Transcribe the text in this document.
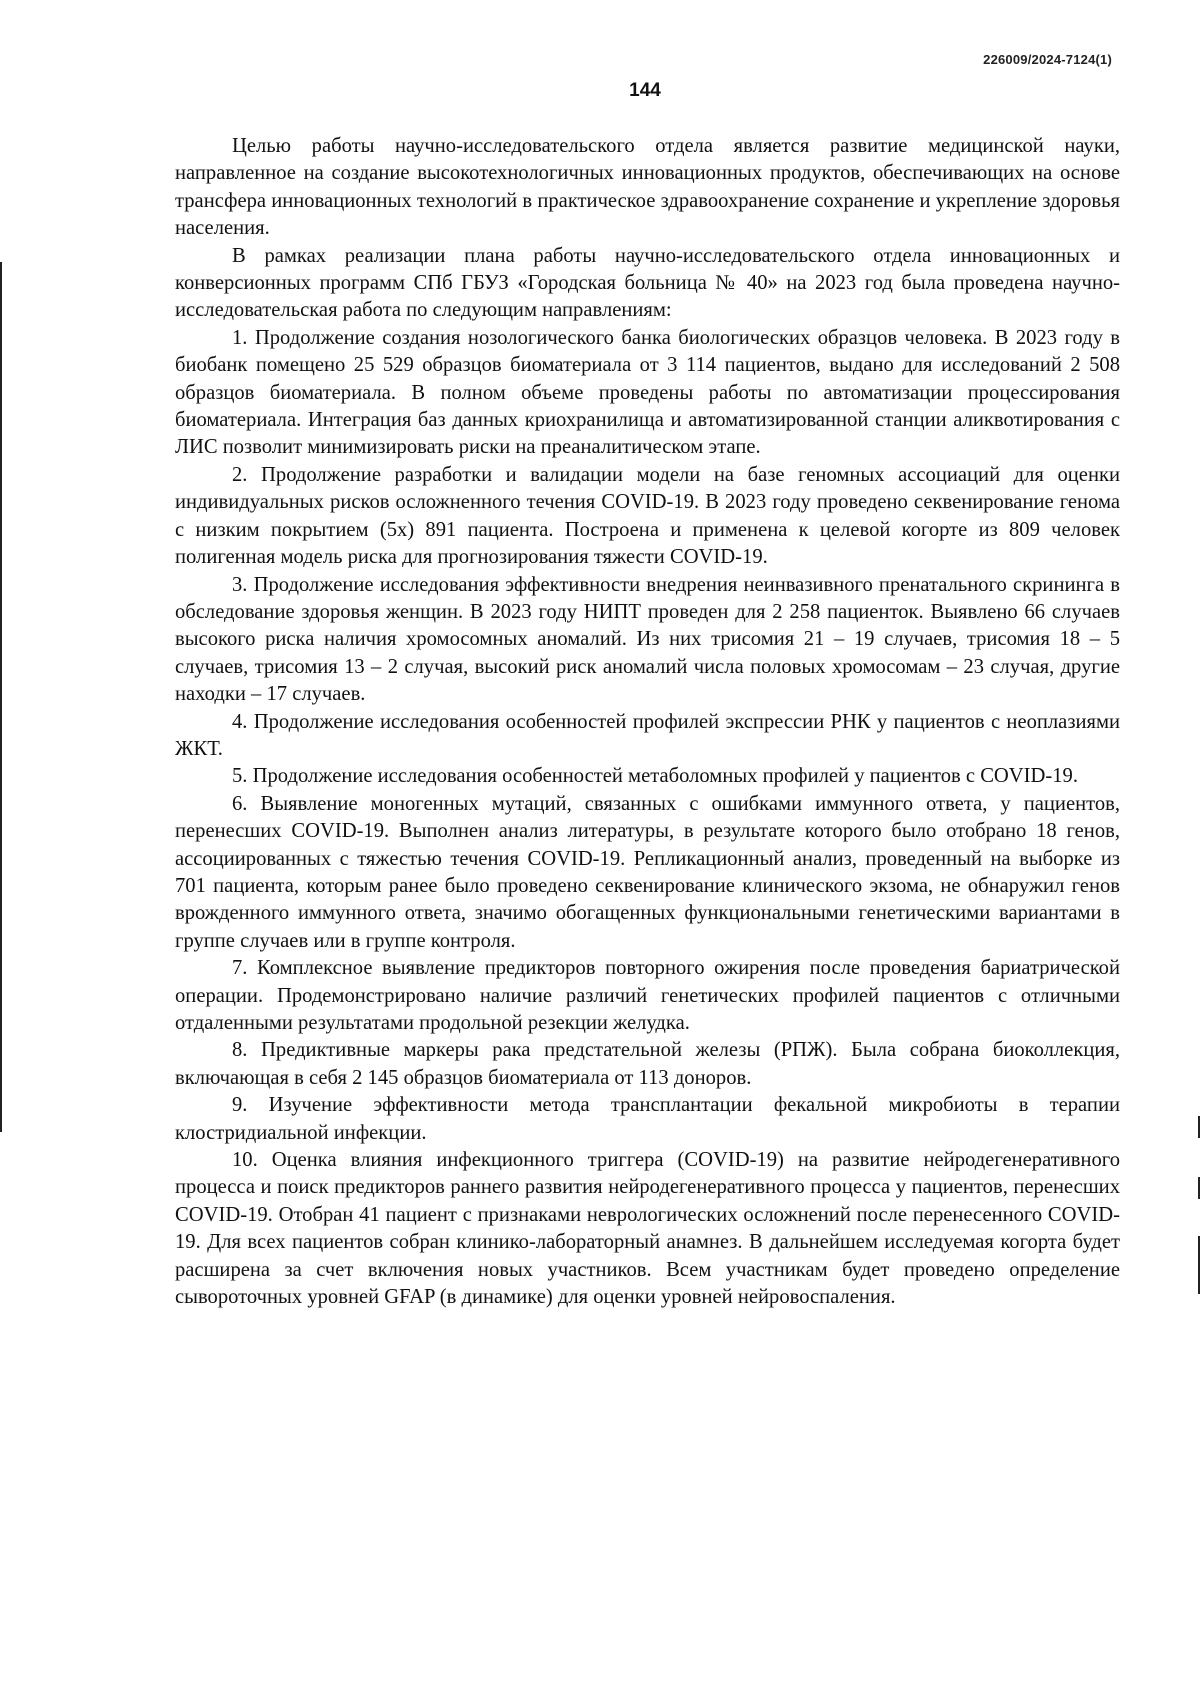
226009/2024-7124(1)
144

Целью работы научно-исследовательского отдела является развитие медицинской науки, направленное на создание высокотехнологичных инновационных продуктов, обеспечивающих на основе трансфера инновационных технологий в практическое здравоохранение сохранение и укрепление здоровья населения.

В рамках реализации плана работы научно-исследовательского отдела инновационных и конверсионных программ СПб ГБУЗ «Городская больница № 40» на 2023 год была проведена научно-исследовательская работа по следующим направлениям:

1. Продолжение создания нозологического банка биологических образцов человека. В 2023 году в биобанк помещено 25 529 образцов биоматериала от 3 114 пациентов, выдано для исследований 2 508 образцов биоматериала. В полном объеме проведены работы по автоматизации процессирования биоматериала. Интеграция баз данных криохранилища и автоматизированной станции аликвотирования с ЛИС позволит минимизировать риски на преаналитическом этапе.

2. Продолжение разработки и валидации модели на базе геномных ассоциаций для оценки индивидуальных рисков осложненного течения COVID-19. В 2023 году проведено секвенирование генома с низким покрытием (5х) 891 пациента. Построена и применена к целевой когорте из 809 человек полигенная модель риска для прогнозирования тяжести COVID-19.

3. Продолжение исследования эффективности внедрения неинвазивного пренатального скрининга в обследование здоровья женщин. В 2023 году НИПТ проведен для 2 258 пациенток. Выявлено 66 случаев высокого риска наличия хромосомных аномалий. Из них трисомия 21 – 19 случаев, трисомия 18 – 5 случаев, трисомия 13 – 2 случая, высокий риск аномалий числа половых хромосомам – 23 случая, другие находки – 17 случаев.

4. Продолжение исследования особенностей профилей экспрессии РНК у пациентов с неоплазиями ЖКТ.

5. Продолжение исследования особенностей метаболомных профилей у пациентов с COVID-19.

6. Выявление моногенных мутаций, связанных с ошибками иммунного ответа, у пациентов, перенесших COVID-19. Выполнен анализ литературы, в результате которого было отобрано 18 генов, ассоциированных с тяжестью течения COVID-19. Репликационный анализ, проведенный на выборке из 701 пациента, которым ранее было проведено секвенирование клинического экзома, не обнаружил генов врожденного иммунного ответа, значимо обогащенных функциональными генетическими вариантами в группе случаев или в группе контроля.

7. Комплексное выявление предикторов повторного ожирения после проведения бариатрической операции. Продемонстрировано наличие различий генетических профилей пациентов с отличными отдаленными результатами продольной резекции желудка.

8. Предиктивные маркеры рака предстательной железы (РПЖ). Была собрана биоколлекция, включающая в себя 2 145 образцов биоматериала от 113 доноров.

9. Изучение эффективности метода трансплантации фекальной микробиоты в терапии клостридиальной инфекции.

10. Оценка влияния инфекционного триггера (COVID-19) на развитие нейродегенеративного процесса и поиск предикторов раннего развития нейродегенеративного процесса у пациентов, перенесших COVID-19. Отобран 41 пациент с признаками неврологических осложнений после перенесенного COVID-19. Для всех пациентов собран клинико-лабораторный анамнез. В дальнейшем исследуемая когорта будет расширена за счет включения новых участников. Всем участникам будет проведено определение сывороточных уровней GFAP (в динамике) для оценки уровней нейровоспаления.
